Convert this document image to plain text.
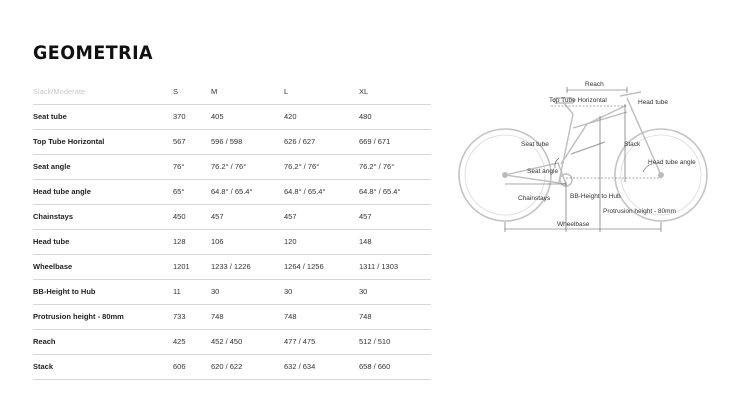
GEOMETRIA
Slack/Moderate	S	M	L	XL
Seat tube	370	405	420	480
Top Tube Horizontal	567	596 / 598	626 / 627	669 / 671
Seat angle	76°	76.2° / 76°	76.2° / 76°	76.2° / 76°
Head tube angle	65°	64.8° / 65.4°	64.8° / 65.4°	64.8° / 65.4°
Chainstays	450	457	457	457
Head tube	128	106	120	148
Wheelbase	1201	1233 / 1226	1264 / 1256	1311 / 1303
BB-Height to Hub	11	30	30	30
Protrusion height - 80mm	733	748	748	748
Reach	425	452 / 450	477 / 475	512 / 510
Stack	606	620 / 622	632 / 634	658 / 660
Reach
Top Tube Horizontal	Head tube
Seat tube	Stack
Seat angle
Head tube angle
Chainstays	BB-Height to Hub
Protrusion height - 80mm
Wheelbase
